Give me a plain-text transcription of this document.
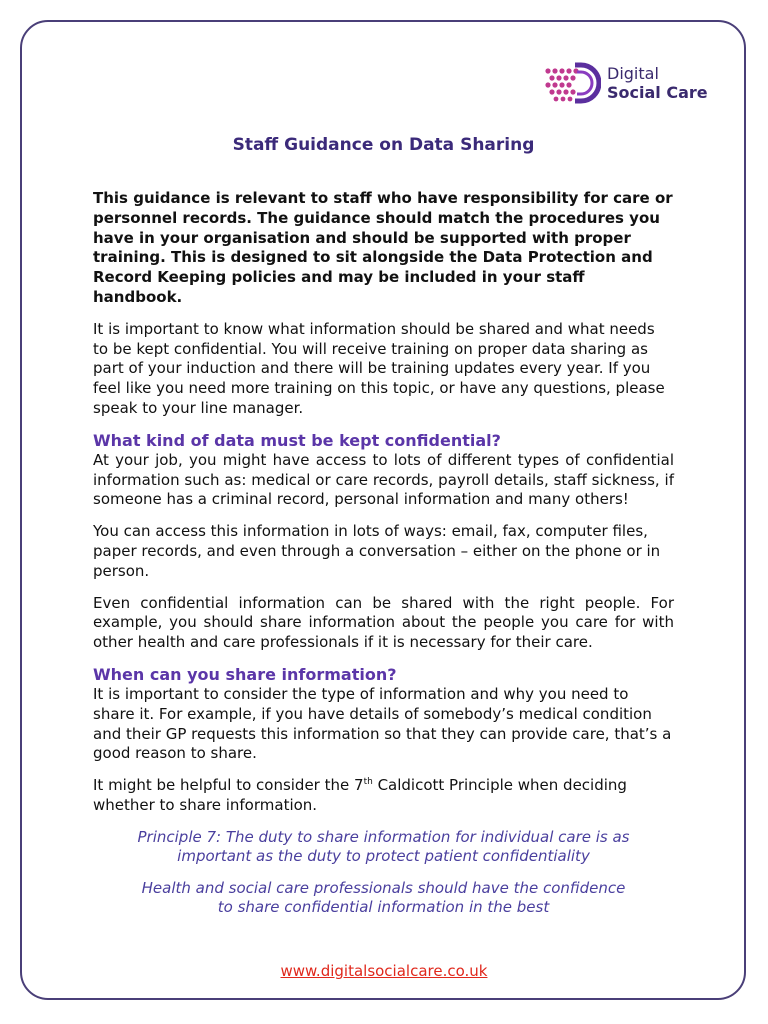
Digital
Social Care
Staff Guidance on Data Sharing

This guidance is relevant to staff who have responsibility for care or personnel records. The guidance should match the procedures you have in your organisation and should be supported with proper training. This is designed to sit alongside the Data Protection and Record Keeping policies and may be included in your staff handbook.

It is important to know what information should be shared and what needs to be kept confidential. You will receive training on proper data sharing as part of your induction and there will be training updates every year. If you feel like you need more training on this topic, or have any questions, please speak to your line manager.

What kind of data must be kept confidential?

At your job, you might have access to lots of different types of confidential information such as: medical or care records, payroll details, staff sickness, if someone has a criminal record, personal information and many others!

You can access this information in lots of ways: email, fax, computer files, paper records, and even through a conversation – either on the phone or in person.

Even confidential information can be shared with the right people. For example, you should share information about the people you care for with other health and care professionals if it is necessary for their care.

When can you share information?

It is important to consider the type of information and why you need to share it. For example, if you have details of somebody’s medical condition and their GP requests this information so that they can provide care, that’s a good reason to share.

It might be helpful to consider the 7th Caldicott Principle when deciding whether to share information.

Principle 7: The duty to share information for individual care is as important as the duty to protect patient confidentiality

Health and social care professionals should have the confidence to share confidential information in the best

www.digitalsocialcare.co.uk
